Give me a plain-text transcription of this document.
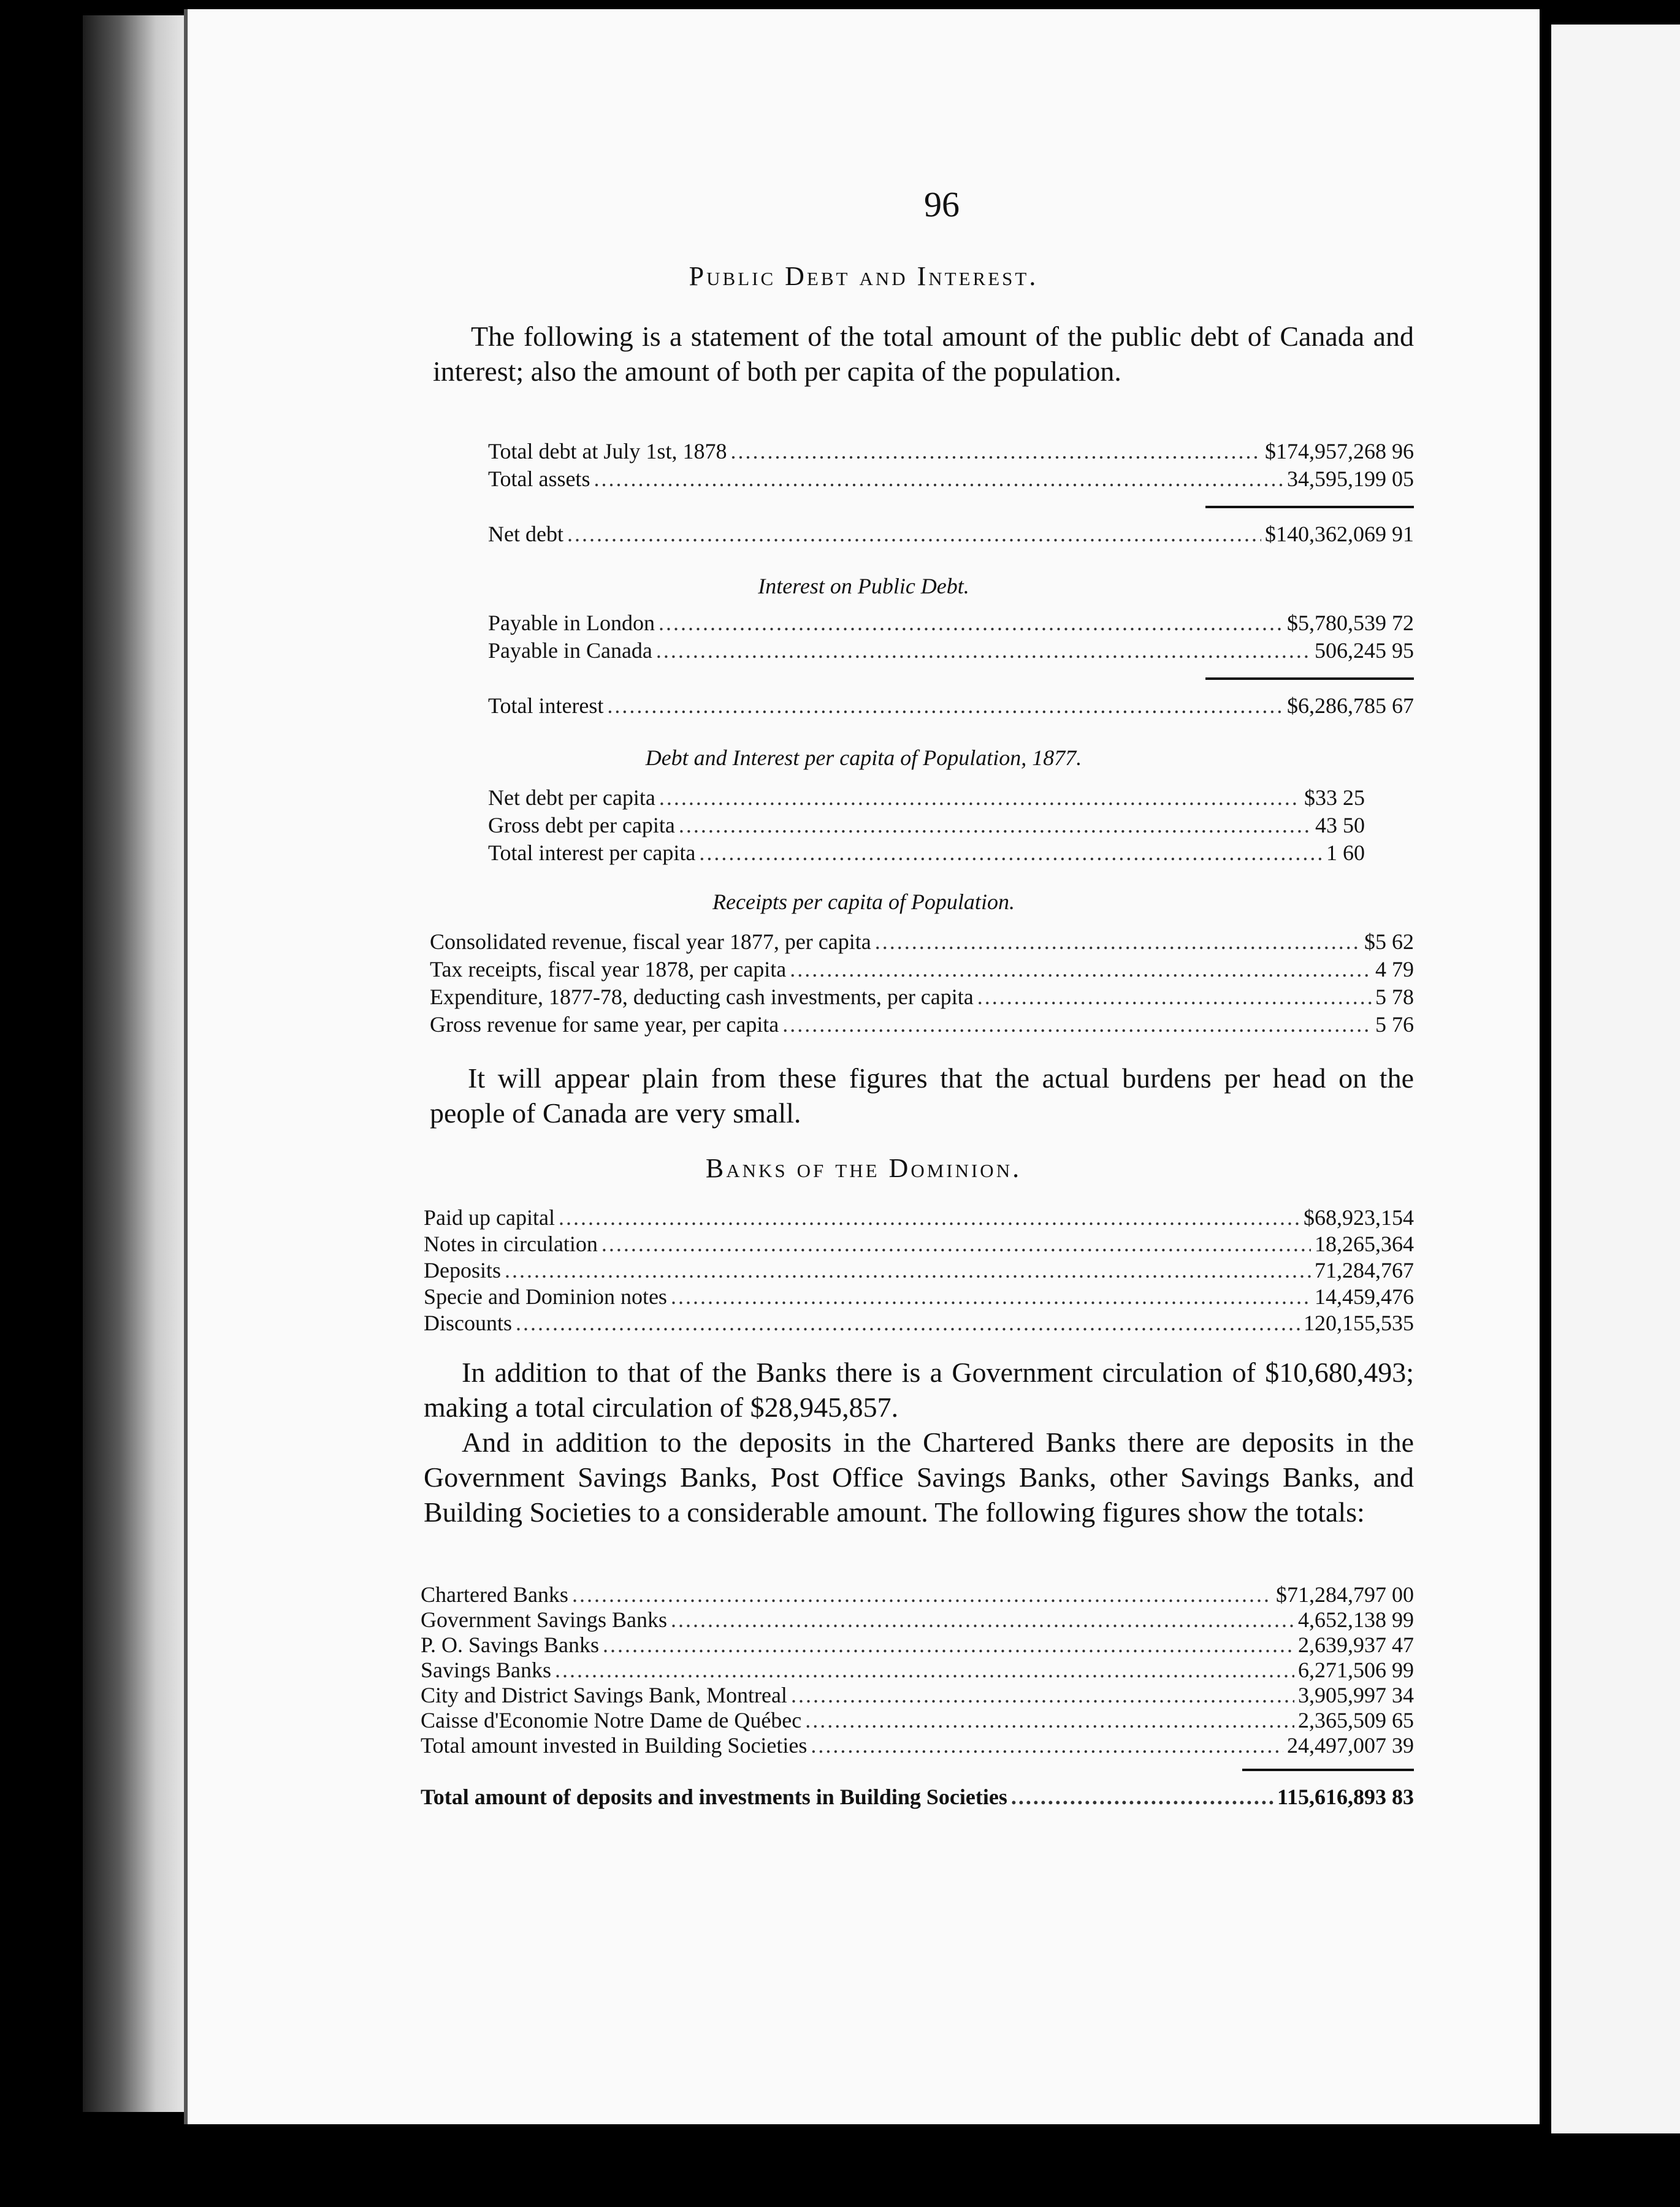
96
Public Debt and Interest.

The following is a statement of the total amount of the public debt of Canada and interest; also the amount of both per capita of the population.

Total debt at July 1st, 1878 .....	$174,957,268 96
Total assets .....	34,595,199 05
Net debt .....	$140,362,069 91
Interest on Public Debt.
Payable in London .....	$5,780,539 72
Payable in Canada .....	506,245 95
Total interest .....	$6,286,785 67
Debt and Interest per capita of Population, 1877.
Net debt per capita .....	$33 25
Gross debt per capita .....	43 50
Total interest per capita .....	1 60
Receipts per capita of Population.
Consolidated revenue, fiscal year 1877, per capita .....	$5 62
Tax receipts, fiscal year 1878, per capita .....	4 79
Expenditure, 1877-78, deducting cash investments, per capita .....	5 78
Gross revenue for same year, per capita .....	5 76

It will appear plain from these figures that the actual burdens per head on the people of Canada are very small.

Banks of the Dominion.
Paid up capital .....	$68,923,154
Notes in circulation .....	18,265,364
Deposits .....	71,284,767
Specie and Dominion notes .....	14,459,476
Discounts .....	120,155,535

In addition to that of the Banks there is a Government circulation of $10,680,493; making a total circulation of $28,945,857.

And in addition to the deposits in the Chartered Banks there are deposits in the Government Savings Banks, Post Office Savings Banks, other Savings Banks, and Building Societies to a considerable amount. The following figures show the totals:

Chartered Banks .....	$71,284,797 00
Government Savings Banks .....	4,652,138 99
P. O. Savings Banks .....	2,639,937 47
Savings Banks .....	6,271,506 99
City and District Savings Bank, Montreal .....	3,905,997 34
Caisse d'Economie Notre Dame de Québec .....	2,365,509 65
Total amount invested in Building Societies .....	24,497,007 39
Total amount of deposits and investments in Building Societies .....	115,616,893 83
